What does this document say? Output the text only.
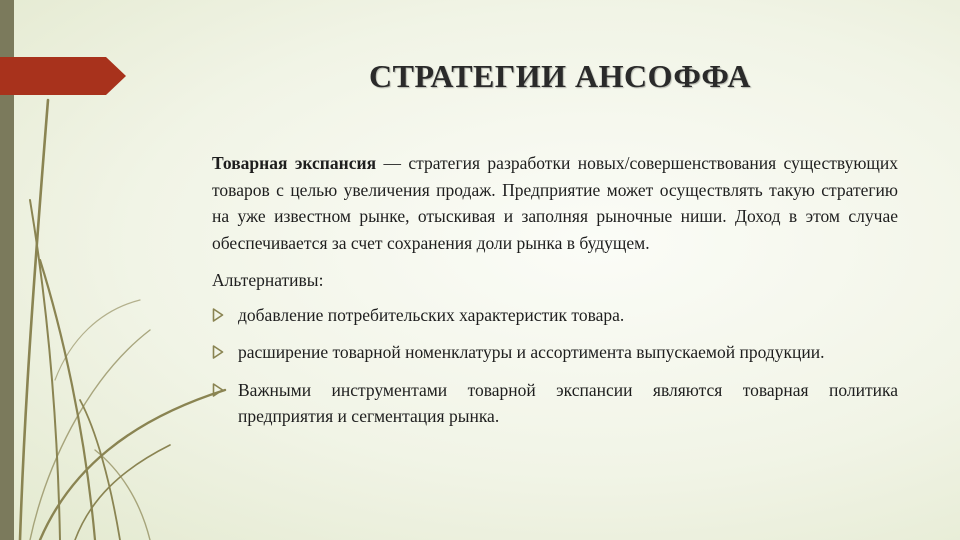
СТРАТЕГИИ АНСОФФА

Товарная экспансия — стратегия разработки новых/совершенствования существующих товаров с целью увеличения продаж. Предприятие может осуществлять такую стратегию на уже известном рынке, отыскивая и заполняя рыночные ниши. Доход в этом случае обеспечивается за счет сохранения доли рынка в будущем.

Альтернативы:

добавление потребительских характеристик товара.
расширение товарной номенклатуры и ассортимента выпускаемой продукции.
Важными инструментами товарной экспансии являются товарная политика предприятия и сегментация рынка.
